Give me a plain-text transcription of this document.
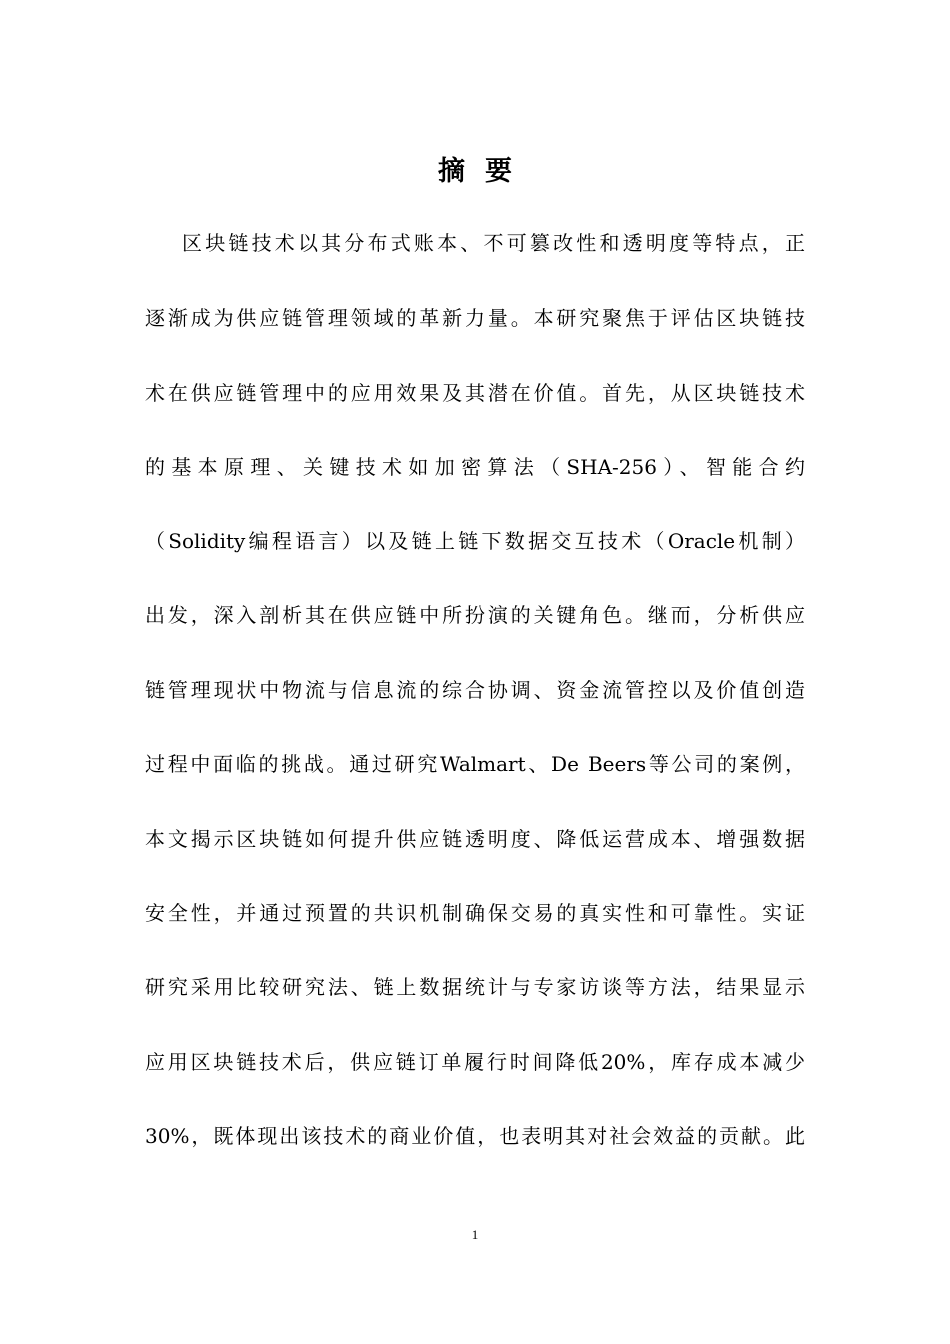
摘要
区块链技术以其分布式账本、不可篡改性和透明度等特点，正
逐渐成为供应链管理领域的革新力量。本研究聚焦于评估区块链技
术在供应链管理中的应用效果及其潜在价值。首先，从区块链技术
的基本原理、关键技术如加密算法（SHA-256）、智能合约
（Solidity编程语言）以及链上链下数据交互技术（Oracle机制）
出发，深入剖析其在供应链中所扮演的关键角色。继而，分析供应
链管理现状中物流与信息流的综合协调、资金流管控以及价值创造
过程中面临的挑战。通过研究Walmart、De Beers等公司的案例，
本文揭示区块链如何提升供应链透明度、降低运营成本、增强数据
安全性，并通过预置的共识机制确保交易的真实性和可靠性。实证
研究采用比较研究法、链上数据统计与专家访谈等方法，结果显示
应用区块链技术后，供应链订单履行时间降低20%，库存成本减少
30%，既体现出该技术的商业价值，也表明其对社会效益的贡献。此
1
